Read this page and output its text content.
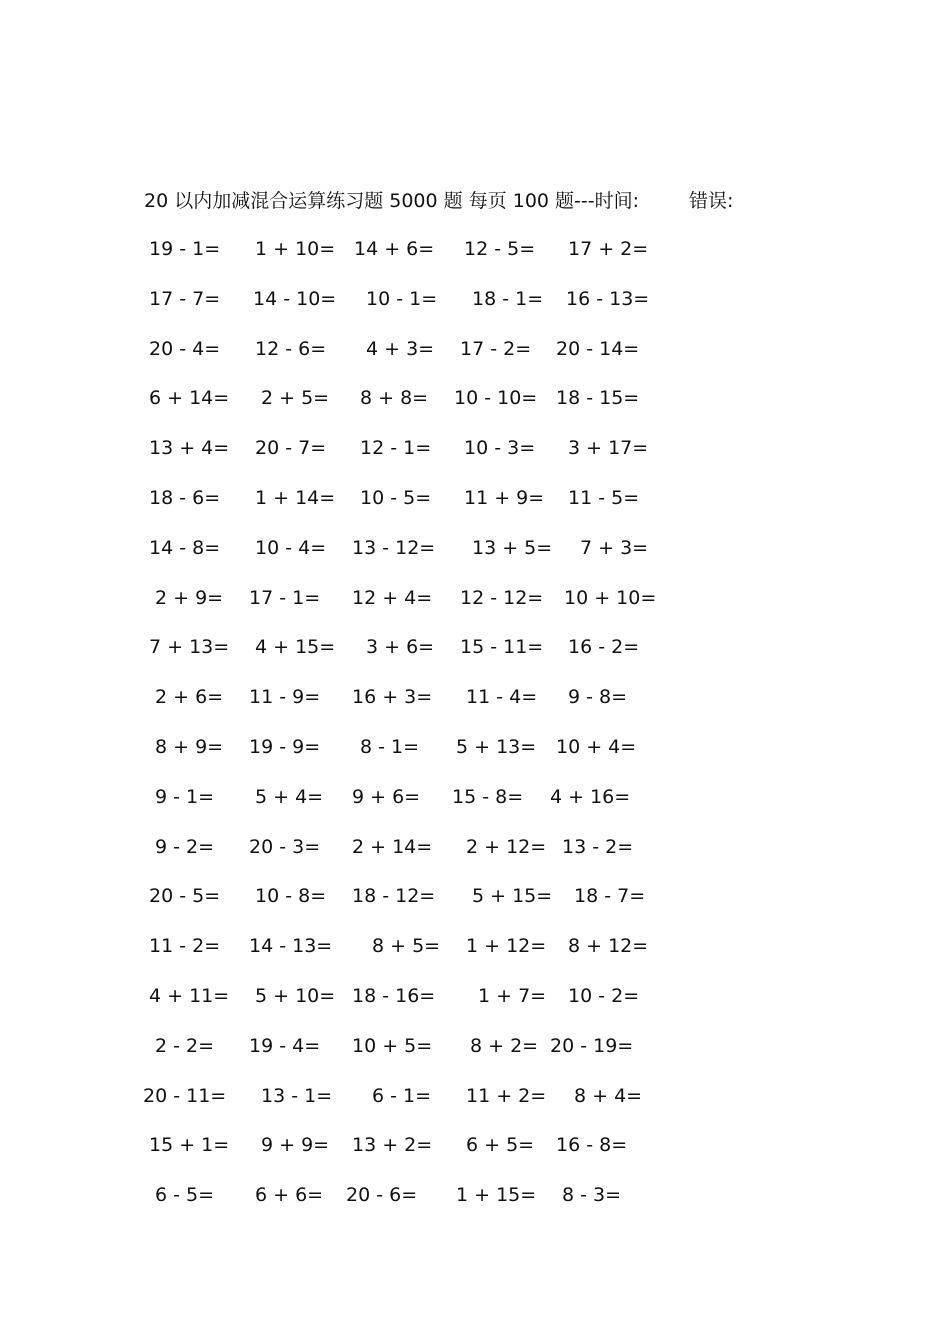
20 以内加减混合运算练习题 5000 题 每页 100 题---时间:	错误:
19 - 1=	1 + 10= 14 + 6=	12 - 5=	17 + 2=
17 - 7=	14 - 10=	10 - 1=	18 - 1=	16 - 13=
20 - 4=	12 - 6=	4 + 3=	17 - 2=	20 - 14=
6 + 14=	2 + 5=	8 + 8=	10 - 10= 18 - 15=
13 + 4=	20 - 7=	12 - 1=	10 - 3=	3 + 17=
18 - 6=	1 + 14=	10 - 5=	11 + 9=	11 - 5=
14 - 8=	10 - 4=	13 - 12=	13 + 5=	7 + 3=
2 + 9=	17 - 1=	12 + 4=	12 - 12=	10 + 10=
7 + 13=	4 + 15=	3 + 6=	15 - 11=	16 - 2=
2 + 6=	11 - 9=	16 + 3=	11 - 4=	9 - 8=
8 + 9=	19 - 9=	8 - 1=	5 + 13=	10 + 4=
9 - 1=	5 + 4=	9 + 6=	15 - 8=	4 + 16=
9 - 2=	20 - 3=	2 + 14=	2 + 12= 13 - 2=
20 - 5=	10 - 8=	18 - 12=	5 + 15=	18 - 7=
11 - 2=	14 - 13=	8 + 5=	1 + 12=	8 + 12=
4 + 11=	5 + 10= 18 - 16=	1 + 7=	10 - 2=
2 - 2=	19 - 4=	10 + 5=	8 + 2= 20 - 19=
20 - 11=	13 - 1=	6 - 1=	11 + 2=	8 + 4=
15 + 1=	9 + 9=	13 + 2=	6 + 5=	16 - 8=
6 - 5=	6 + 6=	20 - 6=	1 + 15=	8 - 3=
